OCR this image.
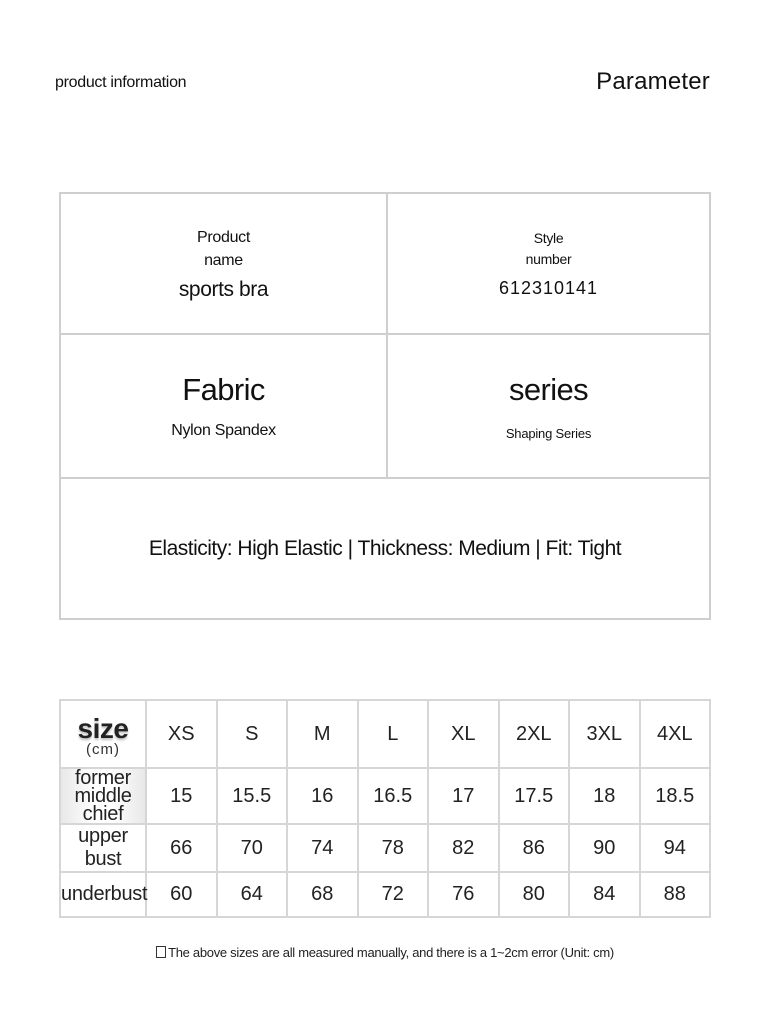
product information	Parameter
Product name
sports bra
Style number
612310141
Fabric
Nylon Spandex
series
Shaping Series
Elasticity: High Elastic | Thickness: Medium | Fit: Tight
size
(cm)	XS	S	M	L	XL	2XL	3XL	4XL
former middle chief	15	15.5	16	16.5	17	17.5	18	18.5
upper bust	66	70	74	78	82	86	90	94
underbust	60	64	68	72	76	80	84	88
The above sizes are all measured manually, and there is a 1~2cm error (Unit: cm)
